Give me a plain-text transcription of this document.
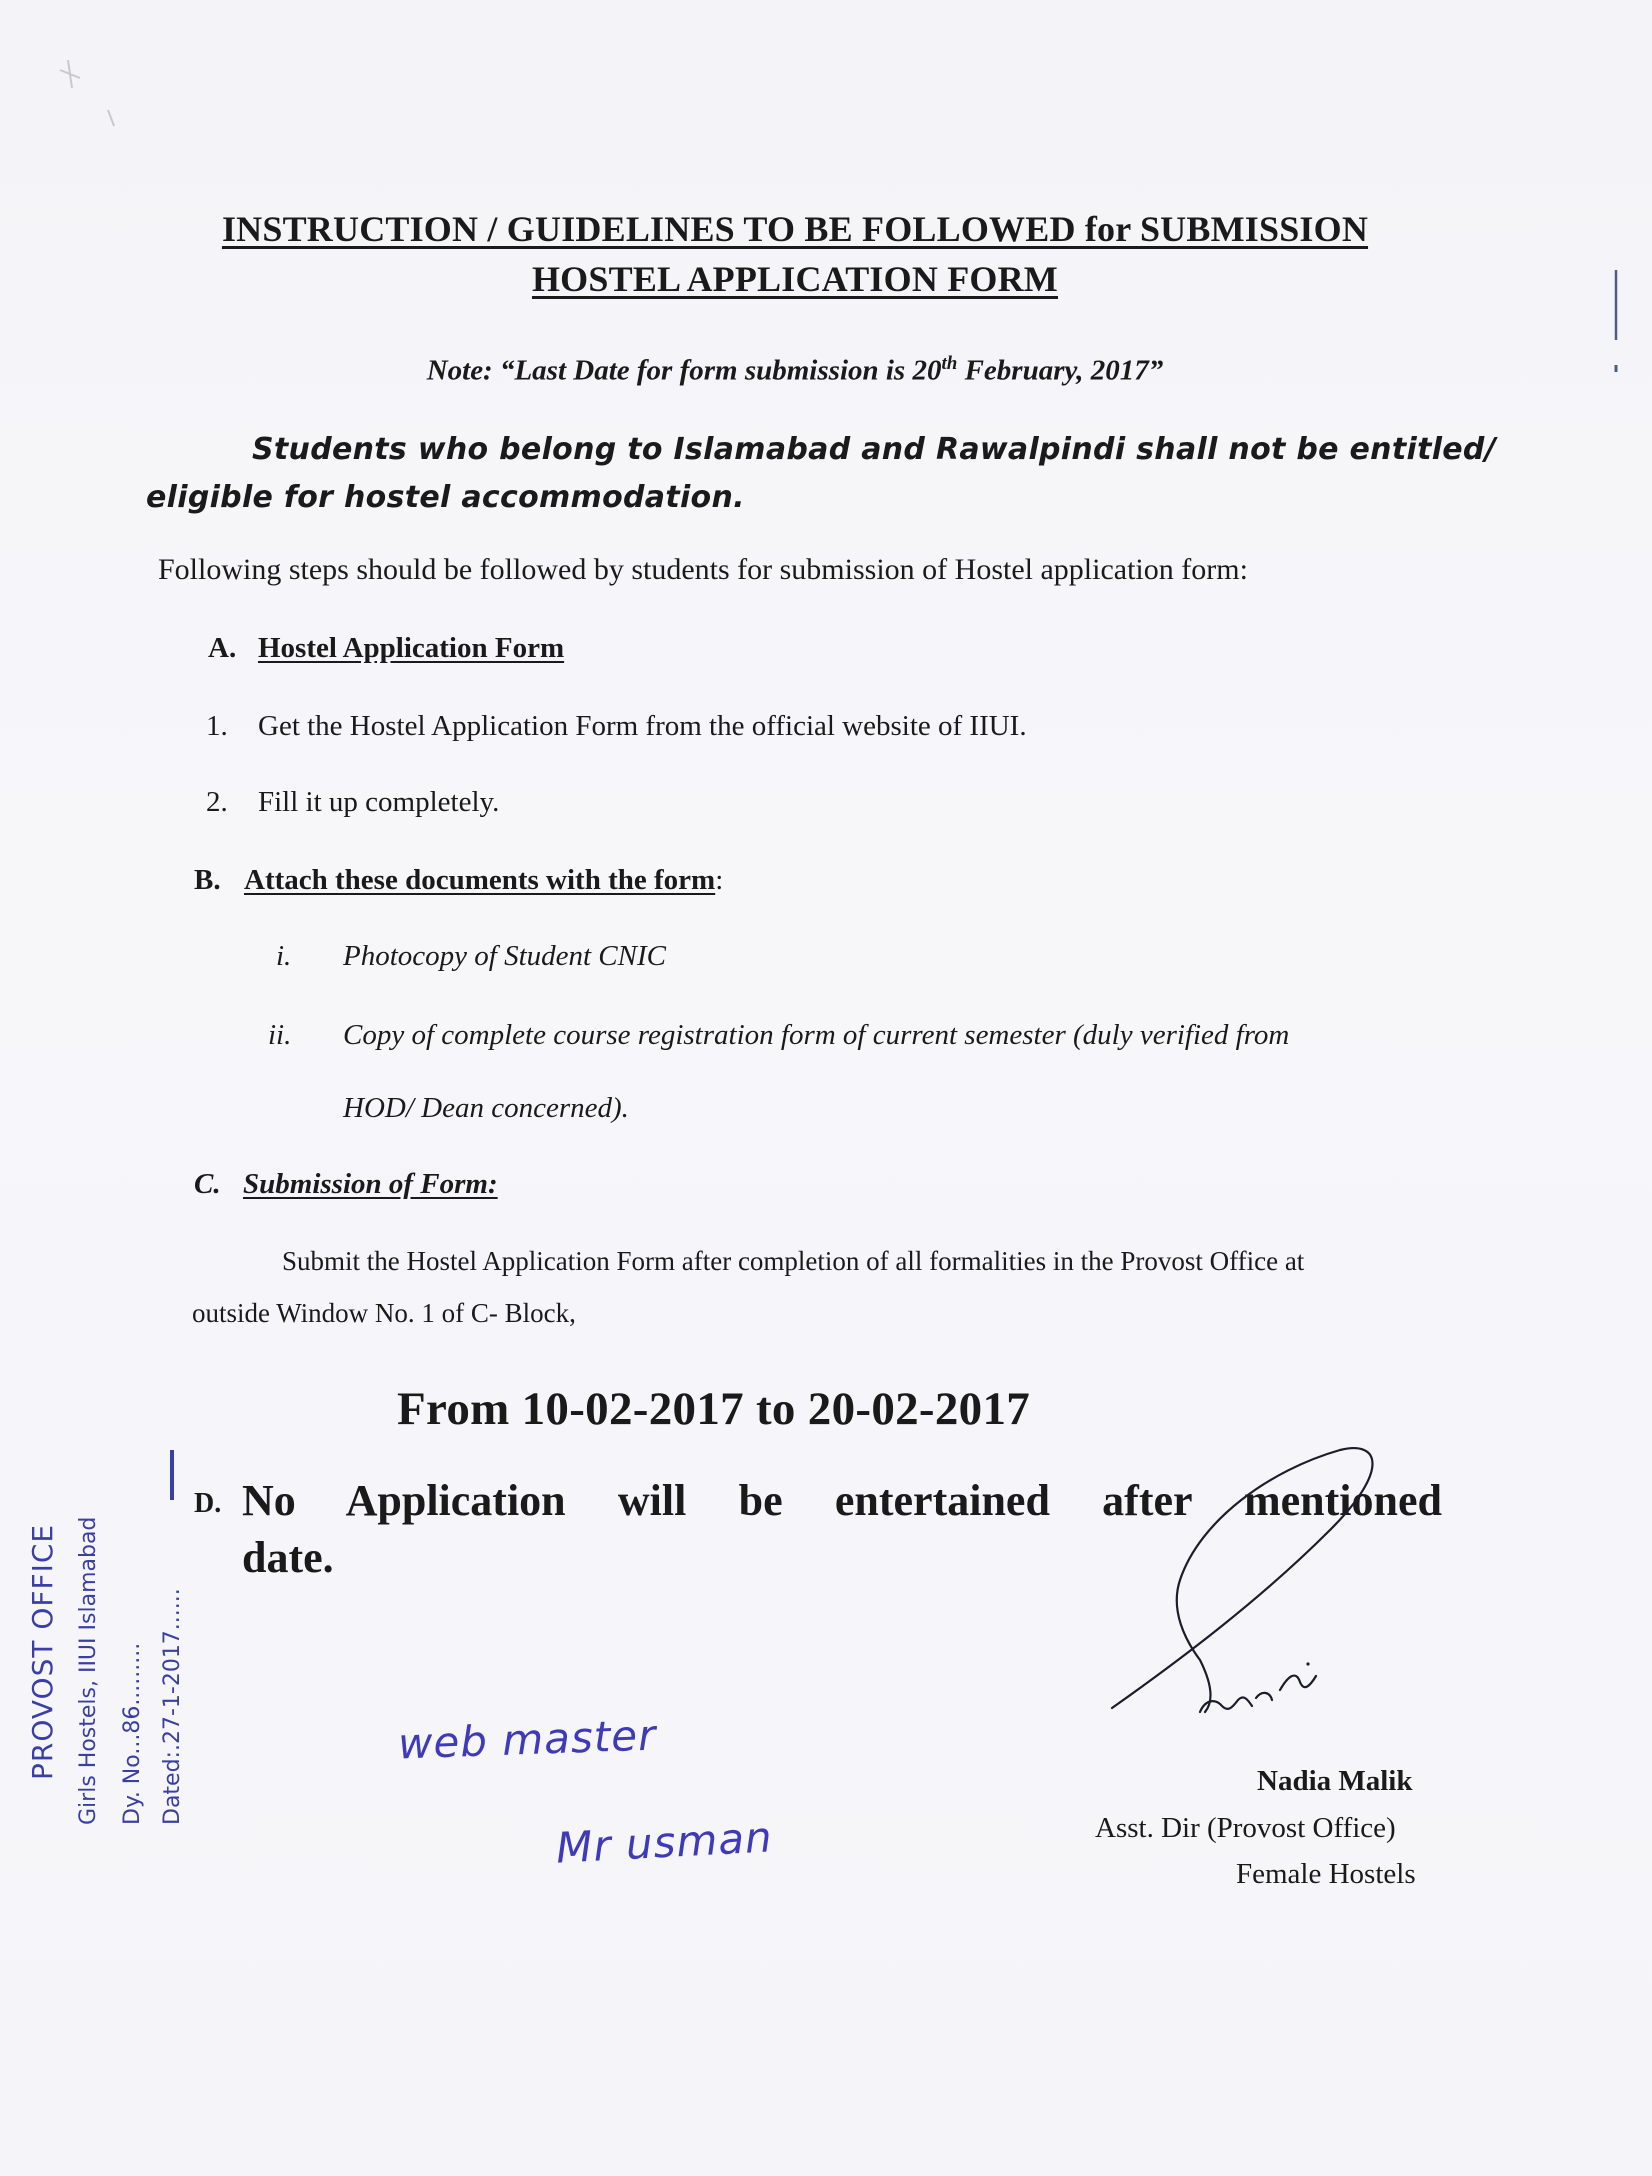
INSTRUCTION / GUIDELINES TO BE FOLLOWED for SUBMISSION

HOSTEL APPLICATION FORM

Note: “Last Date for form submission is 20th February, 2017”

Students who belong to Islamabad and Rawalpindi shall not be entitled/

eligible for hostel accommodation.

Following steps should be followed by students for submission of Hostel application form:

A. Hostel Application Form

1. Get the Hostel Application Form from the official website of IIUI.

2. Fill it up completely.

B. Attach these documents with the form:

i. Photocopy of Student CNIC

ii. Copy of complete course registration form of current semester (duly verified from

HOD/ Dean concerned).

C. Submission of Form:

Submit the Hostel Application Form after completion of all formalities in the Provost Office at

outside Window No. 1 of C- Block,

From 10-02-2017 to 20-02-2017

D. No Application will be entertained after mentioned

date.

Nadia Malik

Asst. Dir (Provost Office)

Female Hostels

web master

Mr usman

PROVOST OFFICE Girls Hostels, IIUI Islamabad Dy. No...86......... Dated:.27-1-2017......
